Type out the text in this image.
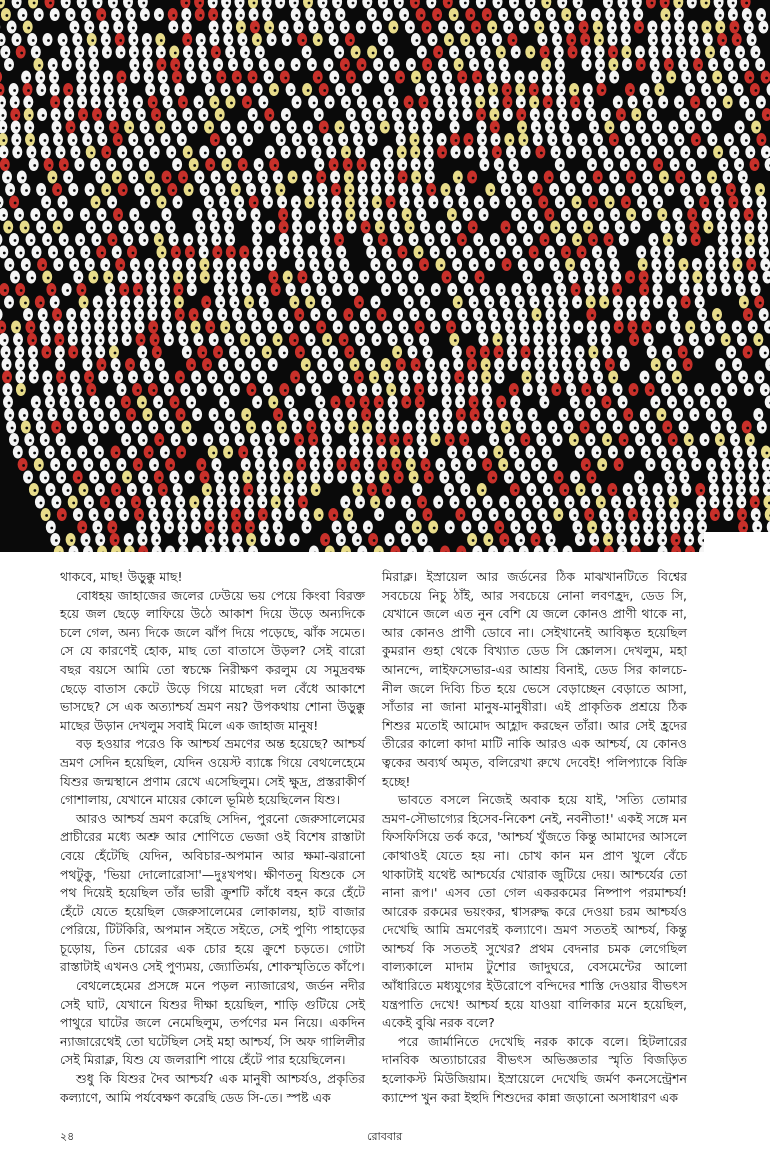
থাকবে, মাছ! উড়ুক্কু মাছ!

বোধহয় জাহাজের জলের ঢেউয়ে ভয় পেয়ে কিংবা বিরক্ত হয়ে জল ছেড়ে লাফিয়ে উঠে আকাশ দিয়ে উড়ে অন্যদিকে চলে গেল, অন্য দিকে জলে ঝাঁপ দিয়ে পড়েছে, ঝাঁক সমেত। সে যে কারণেই হোক, মাছ তো বাতাসে উড়ল? সেই বারো বছর বয়সে আমি তো স্বচক্ষে নিরীক্ষণ করলুম যে সমুদ্রবক্ষ ছেড়ে বাতাস কেটে উড়ে গিয়ে মাছেরা দল বেঁধে আকাশে ভাসছে? সে এক অত্যাশ্চর্য ভ্রমণ নয়? উপকথায় শোনা উড়ুক্কু মাছের উড়ান দেখলুম সবাই মিলে এক জাহাজ মানুষ!

বড় হওয়ার পরেও কি আশ্চর্য ভ্রমণের অন্ত হয়েছে? আশ্চর্য ভ্রমণ সেদিন হয়েছিল, যেদিন ওয়েস্ট ব্যাঙ্কে গিয়ে বেথলেহেমে যিশুর জন্মস্থানে প্রণাম রেখে এসেছিলুম। সেই ক্ষুদ্র, প্রস্তরাকীর্ণ গোশালায়, যেখানে মায়ের কোলে ভূমিষ্ঠ হয়েছিলেন যিশু।

আরও আশ্চর্য ভ্রমণ করেছি সেদিন, পুরনো জেরুসালেমের প্রাচীরের মধ্যে অশ্রু আর শোণিতে ভেজা ওই বিশেষ রাস্তাটা বেয়ে হেঁটেছি যেদিন, অবিচার-অপমান আর ক্ষমা-ঝরানো পথটুকু, 'ভিয়া দোলোরোসা'—দুঃখপথ। ক্ষীণতনু যিশুকে সে পথ দিয়েই হয়েছিল তাঁর ভারী ক্রুশটি কাঁধে বহন করে হেঁটে হেঁটে যেতে হয়েছিল জেরুসালেমের লোকালয়, হাট বাজার পেরিয়ে, টিটকিরি, অপমান সইতে সইতে, সেই পুণ্যি পাহাড়ের চূড়োয়, তিন চোরের এক চোর হয়ে ক্রুশে চড়তে। গোটা রাস্তাটাই এখনও সেই পুণ্যময়, জ্যোতির্ময়, শোকস্মৃতিতে কাঁপে।

বেথলেহেমের প্রসঙ্গে মনে পড়ল ন্যাজারেথ, জর্ডন নদীর সেই ঘাট, যেখানে যিশুর দীক্ষা হয়েছিল, শাড়ি গুটিয়ে সেই পাথুরে ঘাটের জলে নেমেছিলুম, তর্পণের মন নিয়ে। একদিন ন্যাজারেথেই তো ঘটেছিল সেই মহা আশ্চর্য, সি অফ গালিলীর সেই মিরাক্ল, যিশু যে জলরাশি পায়ে হেঁটে পার হয়েছিলেন।

শুধু কি যিশুর দৈব আশ্চর্য? এক মানুষী আশ্চর্যও, প্রকৃতির কল্যাণে, আমি পর্যবেক্ষণ করেছি ডেড সি-তে। স্পষ্ট এক

মিরাক্ল। ইস্রায়েল আর জর্ডনের ঠিক মাঝখানটিতে বিশ্বের সবচেয়ে নিচু ঠাঁই, আর সবচেয়ে নোনা লবণহ্রদ, ডেড সি, যেখানে জলে এত নুন বেশি যে জলে কোনও প্রাণী থাকে না, আর কোনও প্রাণী ডোবে না। সেইখানেই আবিষ্কৃত হয়েছিল কুমরান গুহা থেকে বিখ্যাত ডেড সি স্ক্রোলস। দেখলুম, মহা আনন্দে, লাইফসেভার-এর আশ্রয় বিনাই, ডেড সির কালচে-নীল জলে দিব্যি চিত হয়ে ভেসে বেড়াচ্ছেন বেড়াতে আসা, সাঁতার না জানা মানুষ-মানুষীরা। এই প্রাকৃতিক প্রশ্রয়ে ঠিক শিশুর মতোই আমোদ আহ্লাদ করছেন তাঁরা। আর সেই হ্রদের তীরের কালো কাদা মাটি নাকি আরও এক আশ্চর্য, যে কোনও ত্বকের অব্যর্থ অমৃত, বলিরেখা রুখে দেবেই! পলিপ্যাকে বিক্রি হচ্ছে!

ভাবতে বসলে নিজেই অবাক হয়ে যাই, 'সত্যি তোমার ভ্রমণ-সৌভাগ্যের হিসেব-নিকেশ নেই, নবনীতা!' একই সঙ্গে মন ফিসফিসিয়ে তর্ক করে, 'আশ্চর্য খুঁজতে কিন্তু আমাদের আসলে কোথাওই যেতে হয় না। চোখ কান মন প্রাণ খুলে বেঁচে থাকাটাই যথেষ্ট আশ্চর্যের খোরাক জুটিয়ে দেয়। আশ্চর্যের তো নানা রূপ।' এসব তো গেল একরকমের নিষ্পাপ পরমাশ্চর্য! আরেক রকমের ভয়ংকর, শ্বাসরুদ্ধ করে দেওয়া চরম আশ্চর্যও দেখেছি আমি ভ্রমণেরই কল্যাণে। ভ্রমণ সততই আশ্চর্য, কিন্তু আশ্চর্য কি সততই সুখের? প্রথম বেদনার চমক লেগেছিল বাল্যকালে মাদাম টুশোর জাদুঘরে, বেসমেন্টের আলো আঁধারিতে মধ্যযুগের ইউরোপে বন্দিদের শাস্তি দেওয়ার বীভৎস যন্ত্রপাতি দেখে! আশ্চর্য হয়ে যাওয়া বালিকার মনে হয়েছিল, একেই বুঝি নরক বলে?

পরে জার্মানিতে দেখেছি নরক কাকে বলে। হিটলারের দানবিক অত্যাচারের বীভৎস অভিজ্ঞতার স্মৃতি বিজড়িত হলোকস্ট মিউজিয়াম। ইস্রায়েলে দেখেছি জর্মণ কনসেন্ট্রেশন ক্যাম্পে খুন করা ইহুদি শিশুদের কান্না জড়ানো অসাধারণ এক

২৪	রোববার
